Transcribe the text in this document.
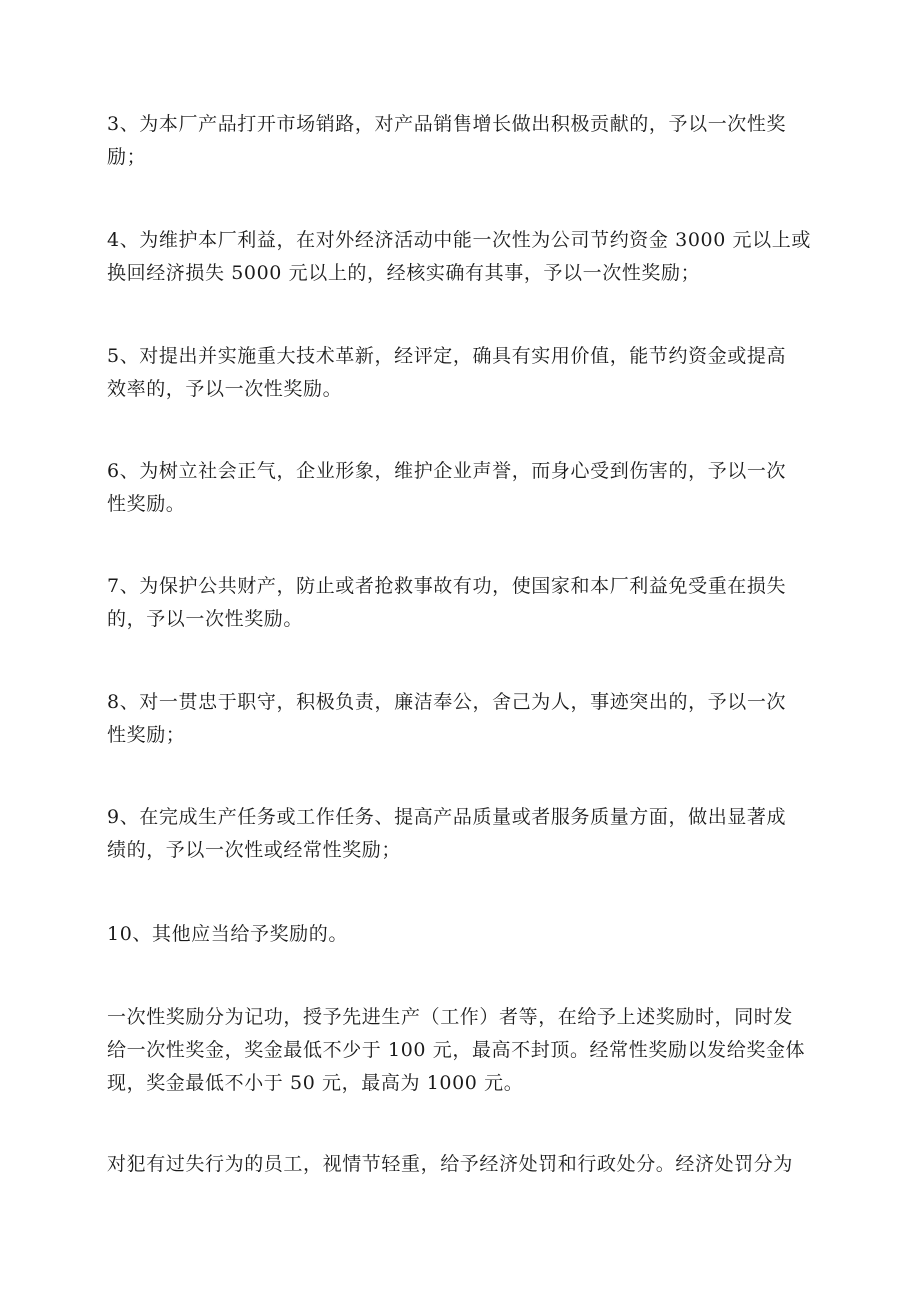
3、为本厂产品打开市场销路，对产品销售增长做出积极贡献的，予以一次性奖
励；

4、为维护本厂利益，在对外经济活动中能一次性为公司节约资金 3000 元以上或
换回经济损失 5000 元以上的，经核实确有其事，予以一次性奖励；

5、对提出并实施重大技术革新，经评定，确具有实用价值，能节约资金或提高
效率的，予以一次性奖励。

6、为树立社会正气，企业形象，维护企业声誉，而身心受到伤害的，予以一次
性奖励。

7、为保护公共财产，防止或者抢救事故有功，使国家和本厂利益免受重在损失
的，予以一次性奖励。

8、对一贯忠于职守，积极负责，廉洁奉公，舍己为人，事迹突出的，予以一次
性奖励；

9、在完成生产任务或工作任务、提高产品质量或者服务质量方面，做出显著成
绩的，予以一次性或经常性奖励；

10、其他应当给予奖励的。

一次性奖励分为记功，授予先进生产（工作）者等，在给予上述奖励时，同时发
给一次性奖金，奖金最低不少于 100 元，最高不封顶。经常性奖励以发给奖金体
现，奖金最低不小于 50 元，最高为 1000 元。

对犯有过失行为的员工，视情节轻重，给予经济处罚和行政处分。经济处罚分为
